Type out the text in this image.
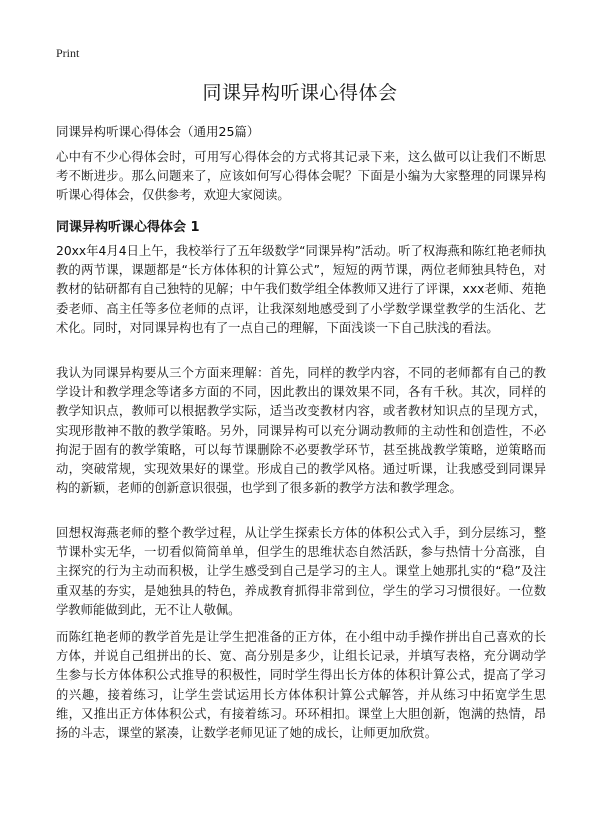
Print
同课异构听课心得体会

同课异构听课心得体会（通用25篇）

心中有不少心得体会时，可用写心得体会的方式将其记录下来，这么做可以让我们不断思考不断进步。那么问题来了，应该如何写心得体会呢？下面是小编为大家整理的同课异构听课心得体会，仅供参考，欢迎大家阅读。

同课异构听课心得体会 1

20xx年4月4日上午，我校举行了五年级数学“同课异构”活动。听了权海燕和陈红艳老师执教的两节课，课题都是“长方体体积的计算公式”，短短的两节课，两位老师独具特色，对教材的钻研都有自己独特的见解；中午我们数学组全体教师又进行了评课，xxx老师、苑艳委老师、高主任等多位老师的点评，让我深刻地感受到了小学数学课堂教学的生活化、艺术化。同时，对同课异构也有了一点自己的理解，下面浅谈一下自己肤浅的看法。

我认为同课异构要从三个方面来理解：首先，同样的教学内容，不同的老师都有自己的教学设计和教学理念等诸多方面的不同，因此教出的课效果不同，各有千秋。其次，同样的教学知识点，教师可以根据教学实际，适当改变教材内容，或者教材知识点的呈现方式，实现形散神不散的教学策略。另外，同课异构可以充分调动教师的主动性和创造性，不必拘泥于固有的教学策略，可以每节课删除不必要教学环节，甚至挑战教学策略，逆策略而动，突破常规，实现效果好的课堂。形成自己的教学风格。通过听课，让我感受到同课异构的新颖，老师的创新意识很强，也学到了很多新的教学方法和教学理念。

回想权海燕老师的整个教学过程，从让学生探索长方体的体积公式入手，到分层练习，整节课朴实无华，一切看似简简单单，但学生的思维状态自然活跃，参与热情十分高涨，自主探究的行为主动而积极，让学生感受到自己是学习的主人。课堂上她那扎实的“稳”及注重双基的夯实，是她独具的特色，养成教育抓得非常到位，学生的学习习惯很好。一位数学教师能做到此，无不让人敬佩。

而陈红艳老师的教学首先是让学生把准备的正方体，在小组中动手操作拼出自己喜欢的长方体，并说自己组拼出的长、宽、高分别是多少，让组长记录，并填写表格，充分调动学生参与长方体体积公式推导的积极性，同时学生得出长方体的体积计算公式，提高了学习的兴趣，接着练习，让学生尝试运用长方体体积计算公式解答，并从练习中拓宽学生思维，又推出正方体体积公式，有接着练习。环环相扣。课堂上大胆创新，饱满的热情，昂扬的斗志，课堂的紧凑，让数学老师见证了她的成长，让师更加欣赏。
